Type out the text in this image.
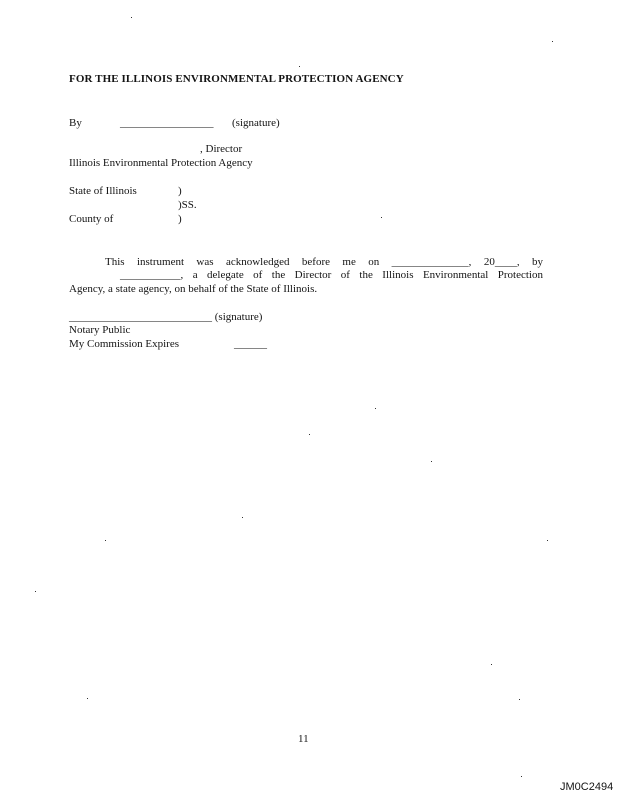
FOR THE ILLINOIS ENVIRONMENTAL PROTECTION AGENCY
By	_________________ (signature)
, Director
Illinois Environmental Protection Agency
State of Illinois	)
)SS.
County of	)
This instrument was acknowledged before me on ______________, 20____, by
___________, a delegate of the Director of the Illinois Environmental Protection
Agency, a state agency, on behalf of the State of Illinois.
__________________________ (signature)
Notary Public
My Commission Expires	______
11
JM0C2494
